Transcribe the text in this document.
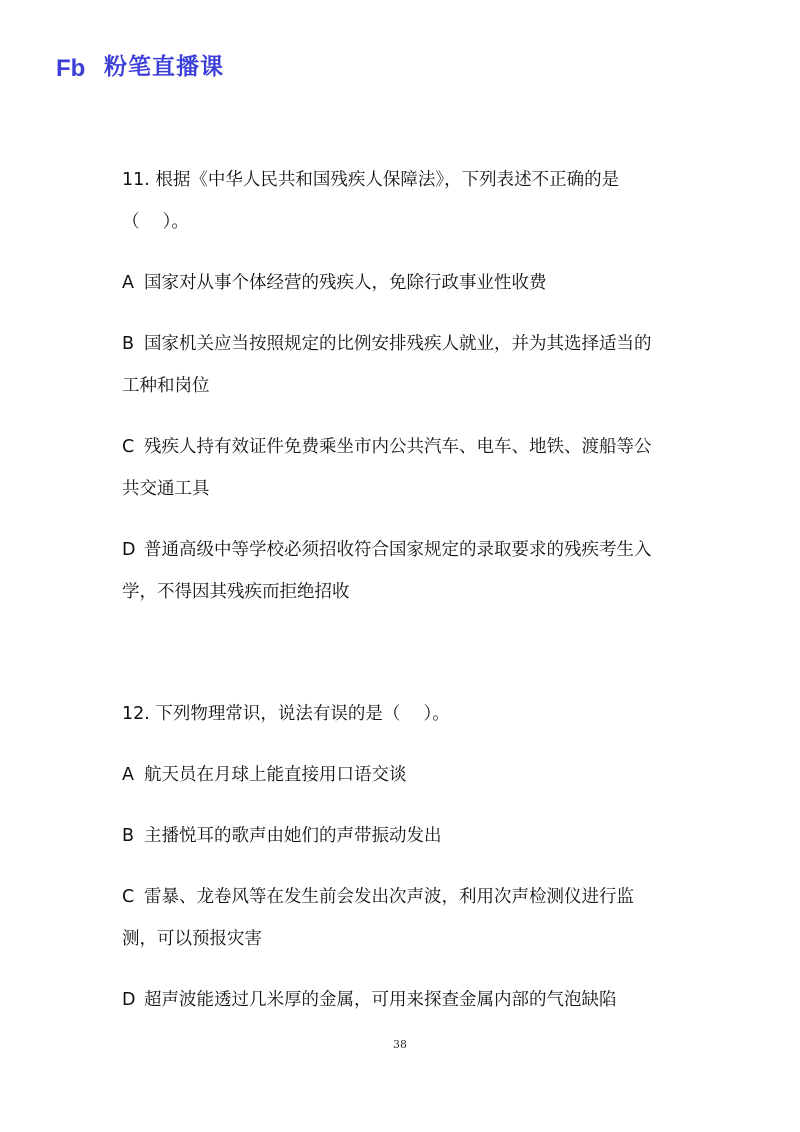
Fb 粉笔直播课
11. 根据《中华人民共和国残疾人保障法》，下列表述不正确的是
（　 ）。
A 国家对从事个体经营的残疾人，免除行政事业性收费
B 国家机关应当按照规定的比例安排残疾人就业，并为其选择适当的
工种和岗位
C 残疾人持有效证件免费乘坐市内公共汽车、电车、地铁、渡船等公
共交通工具
D 普通高级中等学校必须招收符合国家规定的录取要求的残疾考生入
学，不得因其残疾而拒绝招收
12. 下列物理常识，说法有误的是（　 ）。
A 航天员在月球上能直接用口语交谈
B 主播悦耳的歌声由她们的声带振动发出
C 雷暴、龙卷风等在发生前会发出次声波，利用次声检测仪进行监
测，可以预报灾害
D 超声波能透过几米厚的金属，可用来探查金属内部的气泡缺陷
38
